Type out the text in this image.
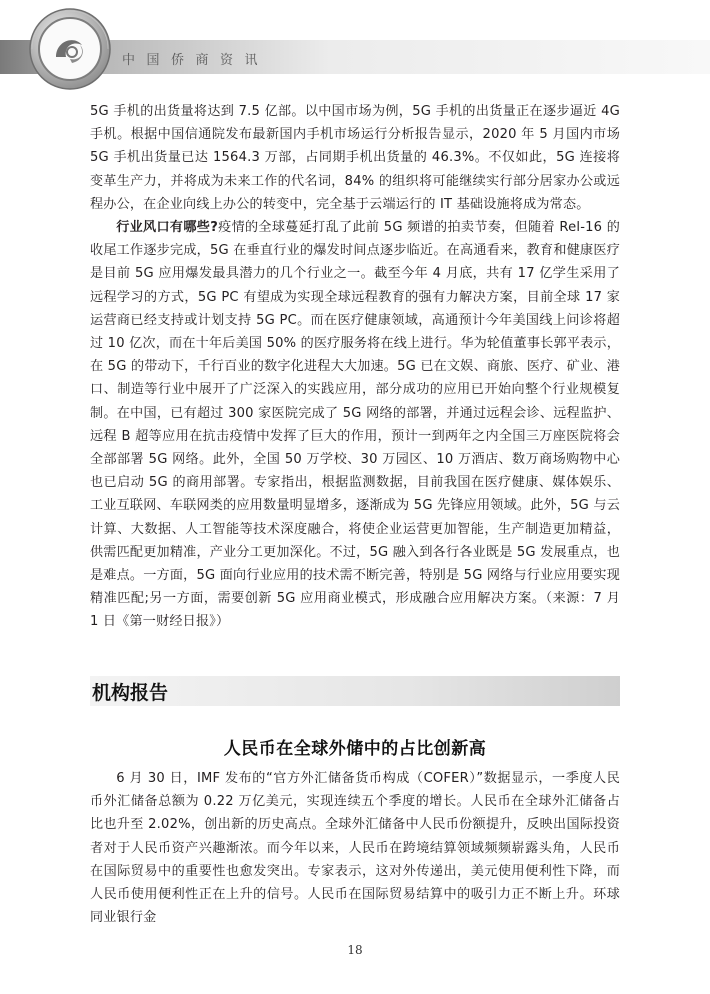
中国侨商资讯

5G 手机的出货量将达到 7.5 亿部。以中国市场为例，5G 手机的出货量正在逐步逼近 4G 手机。根据中国信通院发布最新国内手机市场运行分析报告显示，2020 年 5 月国内市场 5G 手机出货量已达 1564.3 万部，占同期手机出货量的 46.3%。不仅如此，5G 连接将变革生产力，并将成为未来工作的代名词，84% 的组织将可能继续实行部分居家办公或远程办公，在企业向线上办公的转变中，完全基于云端运行的 IT 基础设施将成为常态。

行业风口有哪些?疫情的全球蔓延打乱了此前 5G 频谱的拍卖节奏，但随着 Rel-16 的收尾工作逐步完成，5G 在垂直行业的爆发时间点逐步临近。在高通看来，教育和健康医疗是目前 5G 应用爆发最具潜力的几个行业之一。截至今年 4 月底，共有 17 亿学生采用了远程学习的方式，5G PC 有望成为实现全球远程教育的强有力解决方案，目前全球 17 家运营商已经支持或计划支持 5G PC。而在医疗健康领域，高通预计今年美国线上问诊将超过 10 亿次，而在十年后美国 50% 的医疗服务将在线上进行。华为轮值董事长郭平表示，在 5G 的带动下，千行百业的数字化进程大大加速。5G 已在文娱、商旅、医疗、矿业、港口、制造等行业中展开了广泛深入的实践应用，部分成功的应用已开始向整个行业规模复制。在中国，已有超过 300 家医院完成了 5G 网络的部署，并通过远程会诊、远程监护、远程 B 超等应用在抗击疫情中发挥了巨大的作用，预计一到两年之内全国三万座医院将会全部部署 5G 网络。此外，全国 50 万学校、30 万园区、10 万酒店、数万商场购物中心也已启动 5G 的商用部署。专家指出，根据监测数据，目前我国在医疗健康、媒体娱乐、工业互联网、车联网类的应用数量明显增多，逐渐成为 5G 先锋应用领域。此外，5G 与云计算、大数据、人工智能等技术深度融合，将使企业运营更加智能，生产制造更加精益，供需匹配更加精准，产业分工更加深化。不过，5G 融入到各行各业既是 5G 发展重点，也是难点。一方面，5G 面向行业应用的技术需不断完善，特别是 5G 网络与行业应用要实现精准匹配;另一方面，需要创新 5G 应用商业模式，形成融合应用解决方案。（来源：7 月 1 日《第一财经日报》）

机构报告
人民币在全球外储中的占比创新高

6 月 30 日，IMF 发布的“官方外汇储备货币构成（COFER）”数据显示，一季度人民币外汇储备总额为 0.22 万亿美元，实现连续五个季度的增长。人民币在全球外汇储备占比也升至 2.02%，创出新的历史高点。全球外汇储备中人民币份额提升，反映出国际投资者对于人民币资产兴趣渐浓。而今年以来，人民币在跨境结算领域频频崭露头角，人民币在国际贸易中的重要性也愈发突出。专家表示，这对外传递出，美元使用便利性下降，而人民币使用便利性正在上升的信号。人民币在国际贸易结算中的吸引力正不断上升。环球同业银行金

18
